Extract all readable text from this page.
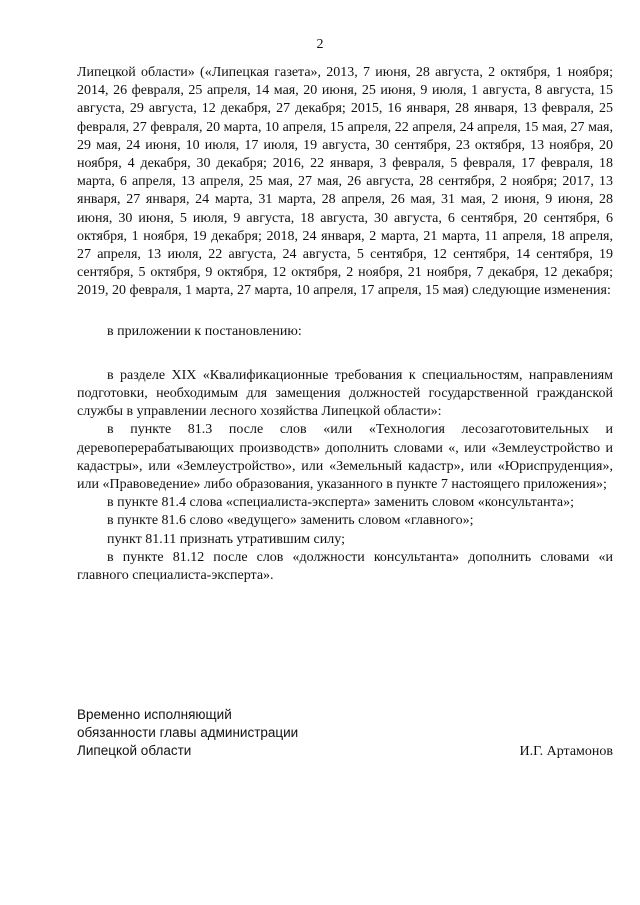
2

Липецкой области» («Липецкая газета», 2013, 7 июня, 28 августа, 2 октября, 1 ноября; 2014, 26 февраля, 25 апреля, 14 мая, 20 июня, 25 июня, 9 июля, 1 августа, 8 августа, 15 августа, 29 августа, 12 декабря, 27 декабря; 2015, 16 января, 28 января, 13 февраля, 25 февраля, 27 февраля, 20 марта, 10 апреля, 15 апреля, 22 апреля, 24 апреля, 15 мая, 27 мая, 29 мая, 24 июня, 10 июля, 17 июля, 19 августа, 30 сентября, 23 октября, 13 ноября, 20 ноября, 4 декабря, 30 декабря; 2016, 22 января, 3 февраля, 5 февраля, 17 февраля, 18 марта, 6 апреля, 13 апреля, 25 мая, 27 мая, 26 августа, 28 сентября, 2 ноября; 2017, 13 января, 27 января, 24 марта, 31 марта, 28 апреля, 26 мая, 31 мая, 2 июня, 9 июня, 28 июня, 30 июня, 5 июля, 9 августа, 18 августа, 30 августа, 6 сентября, 20 сентября, 6 октября, 1 ноября, 19 декабря; 2018, 24 января, 2 марта, 21 марта, 11 апреля, 18 апреля, 27 апреля, 13 июля, 22 августа, 24 августа, 5 сентября, 12 сентября, 14 сентября, 19 сентября, 5 октября, 9 октября, 12 октября, 2 ноября, 21 ноября, 7 декабря, 12 декабря; 2019, 20 февраля, 1 марта, 27 марта, 10 апреля, 17 апреля, 15 мая) следующие изменения:

в приложении к постановлению:

в разделе XIX «Квалификационные требования к специальностям, направлениям подготовки, необходимым для замещения должностей государственной гражданской службы в управлении лесного хозяйства Липецкой области»:

в пункте 81.3 после слов «или «Технология лесозаготовительных и деревоперерабатывающих производств» дополнить словами «, или «Землеустройство и кадастры», или «Землеустройство», или «Земельный кадастр», или «Юриспруденция», или «Правоведение» либо образования, указанного в пункте 7 настоящего приложения»;

в пункте 81.4 слова «специалиста-эксперта» заменить словом «консультанта»;

в пункте 81.6 слово «ведущего» заменить словом «главного»;

пункт 81.11 признать утратившим силу;

в пункте 81.12 после слов «должности консультанта» дополнить словами «и главного специалиста-эксперта».

Временно исполняющий
обязанности главы администрации
Липецкой области	И.Г. Артамонов
